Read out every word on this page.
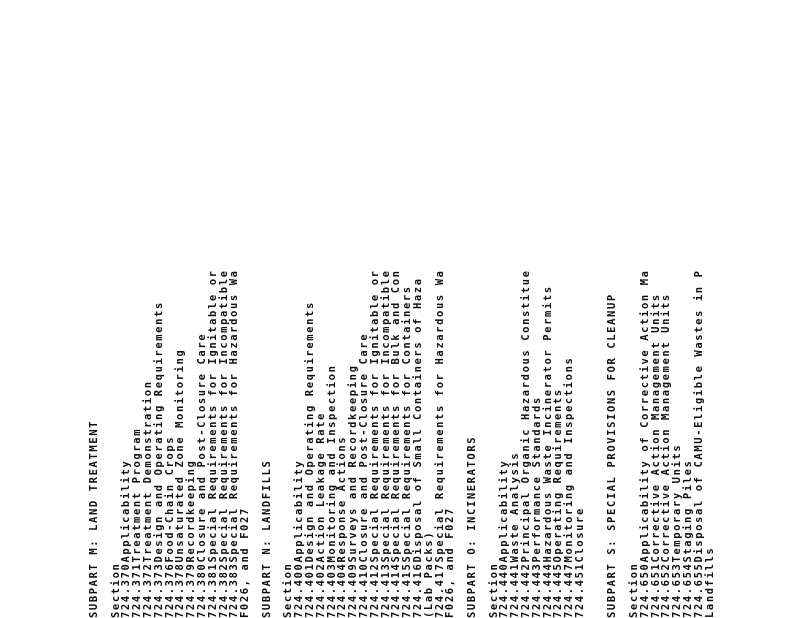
SUBPART M: LAND TREATMENT Section
724.370Applicability
724.371Treatment Program
724.372Treatment Demonstration
724.373Design and Operating Requirements
724.376Food-Chain Crops
724.378Unsaturated Zone Monitoring
724.379Recordkeeping
724.380Closure and Post-Closure Care
724.381Special Requirements for Ignitable or
724.382Special Requirements for Incompatible
724.383Special Requirements for Hazardous Wa
F026, and F027 SUBPART N: LANDFILLS Section
724.400Applicability
724.401Design and Operating Requirements
724.402Action Leakage Rate
724.403Monitoring and Inspection
724.404Response Actions
724.409Surveys and Recordkeeping
724.410Closure and Post-Closure Care
724.412Special Requirements for Ignitable or
724.413Special Requirements for Incompatible
724.414Special Requirements for Bulk and Con
724.415Special Requirements for Containers
724.416Disposal of Small Containers of Haza
(Lab Packs)
724.417Special Requirements for Hazardous Wa
F026, and F027 SUBPART O: INCINERATORS Section
724.440Applicability
724.441Waste Analysis
724.442Principal Organic Hazardous Constitue
724.443Performance Standards
724.444Hazardous Waste Incinerator Permits
724.445Operating Requirements
724.447Monitoring and Inspections
724.451Closure	SUBPART S: SPECIAL PROVISIONS FOR CLEANUP Section
724.650Applicability of Corrective Action Ma
724.651Corrective Action Management Units
724.652Corrective Action Management Units
724.653Temporary Units
724.654Staging Piles
724.655Disposal of CAMU-Eligible Wastes in P
Landfills
